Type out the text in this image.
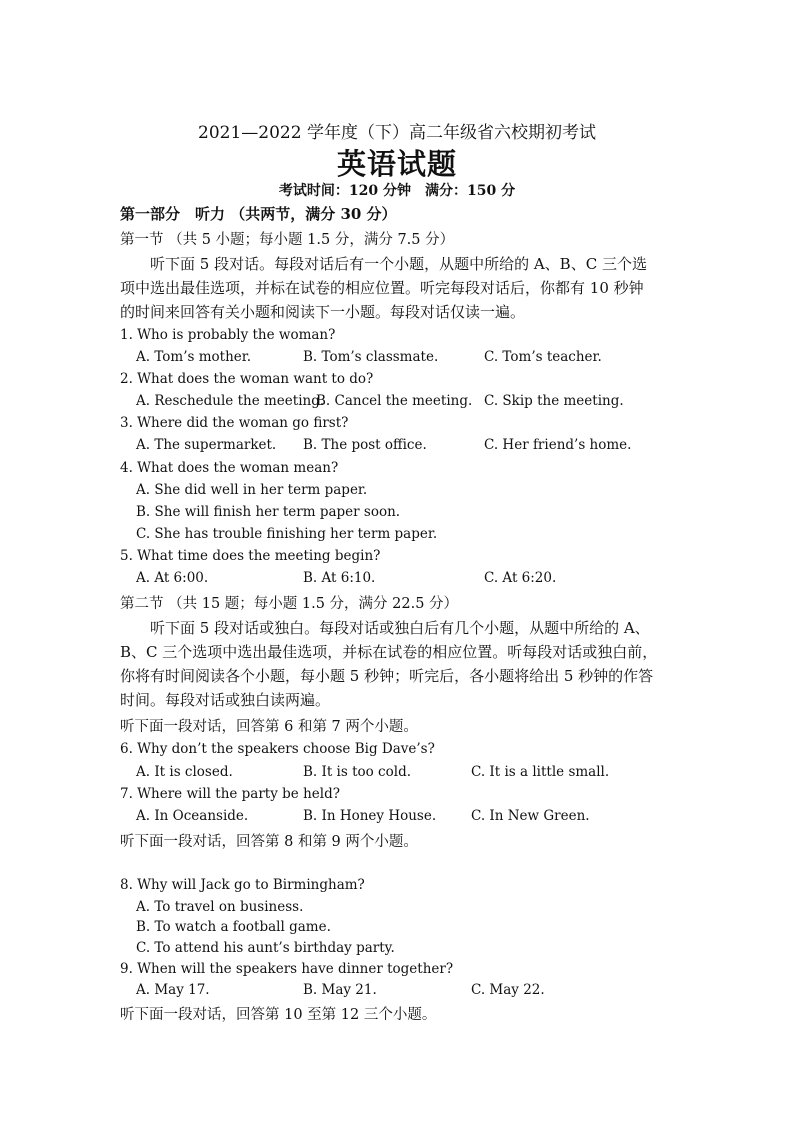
2021—2022 学年度（下）高二年级省六校期初考试
英语试题
考试时间：120 分钟　满分：150 分
第一部分　听力 （共两节，满分 30 分）
第一节 （共 5 小题；每小题 1.5 分，满分 7.5 分）
　　听下面 5 段对话。每段对话后有一个小题，从题中所给的 A、B、C 三个选
项中选出最佳选项，并标在试卷的相应位置。听完每段对话后，你都有 10 秒钟
的时间来回答有关小题和阅读下一小题。每段对话仅读一遍。
1. Who is probably the woman?
A. Tom’s mother.	B. Tom’s classmate.	C. Tom’s teacher.
2. What does the woman want to do?
A. Reschedule the meeting.
B. Cancel the meeting. C. Skip the meeting.
3. Where did the woman go first?
A. The supermarket. B. The post office.	C. Her friend’s home.
4. What does the woman mean?
A. She did well in her term paper.
B. She will finish her term paper soon.
C. She has trouble finishing her term paper.
5. What time does the meeting begin?
A. At 6:00.	B. At 6:10.	C. At 6:20.
第二节 （共 15 题；每小题 1.5 分，满分 22.5 分）
　　听下面 5 段对话或独白。每段对话或独白后有几个小题，从题中所给的 A、
B、C 三个选项中选出最佳选项，并标在试卷的相应位置。听每段对话或独白前，
你将有时间阅读各个小题，每小题 5 秒钟；听完后，各小题将给出 5 秒钟的作答
时间。每段对话或独白读两遍。
听下面一段对话，回答第 6 和第 7 两个小题。
6. Why don’t the speakers choose Big Dave’s?
A. It is closed.	B. It is too cold.	C. It is a little small.
7. Where will the party be held?
A. In Oceanside.	B. In Honey House.	C. In New Green.
听下面一段对话，回答第 8 和第 9 两个小题。
8. Why will Jack go to Birmingham?
A. To travel on business.
B. To watch a football game.
C. To attend his aunt’s birthday party.
9. When will the speakers have dinner together?
A. May 17.	B. May 21.	C. May 22.
听下面一段对话，回答第 10 至第 12 三个小题。
